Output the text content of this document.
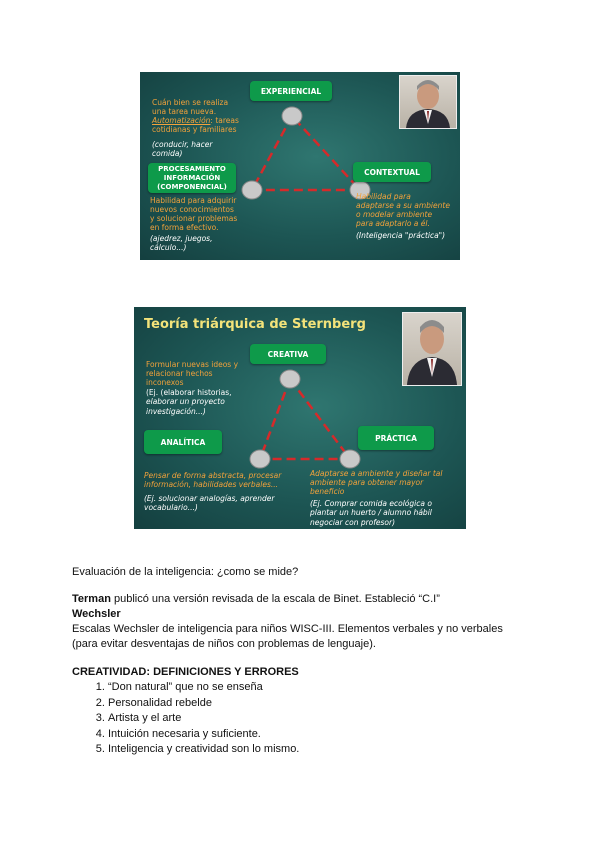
EXPERIENCIAL
CONTEXTUAL
PROCESAMIENTO
INFORMACIÓN
(COMPONENCIAL)
Cuán bien se realiza
una tarea nueva.
Automatización: tareas
cotidianas y familiares
(conducir, hacer
comida)
Habilidad para adquirir
nuevos conocimientos
y solucionar problemas
en forma efectivo.
(ajedrez, juegos,
cálculo...)
Habilidad para
adaptarse a su ambiente
o modelar ambiente
para adaptarlo a él.
(Inteligencia "práctica")
Teoría triárquica de Sternberg
CREATIVA
ANALÍTICA	PRÁCTICA
Formular nuevas ideos y
relacionar hechos
inconexos
(Ej. (elaborar historias,
elaborar un proyecto
investigación...)
Pensar de forma abstracta, procesar
información, habilidades verbales...
(Ej. solucionar analogías, aprender
vocabulario...)
Adaptarse a ambiente y diseñar tal
ambiente para obtener mayor
beneficio
(Ej. Comprar comida ecológica o
plantar un huerto / alumno hábil
negociar con profesor)
Evaluación de la inteligencia: ¿como se mide?
Terman publicó una versión revisada de la escala de Binet. Estableció “C.I”
Wechsler
Escalas Wechsler de inteligencia para niños WISC-III. Elementos verbales y no verbales
(para evitar desventajas de niños con problemas de lenguaje).
CREATIVIDAD: DEFINICIONES Y ERRORES
1. “Don natural” que no se enseña
2. Personalidad rebelde
3. Artista y el arte
4. Intuición necesaria y suficiente.
5. Inteligencia y creatividad son lo mismo.
